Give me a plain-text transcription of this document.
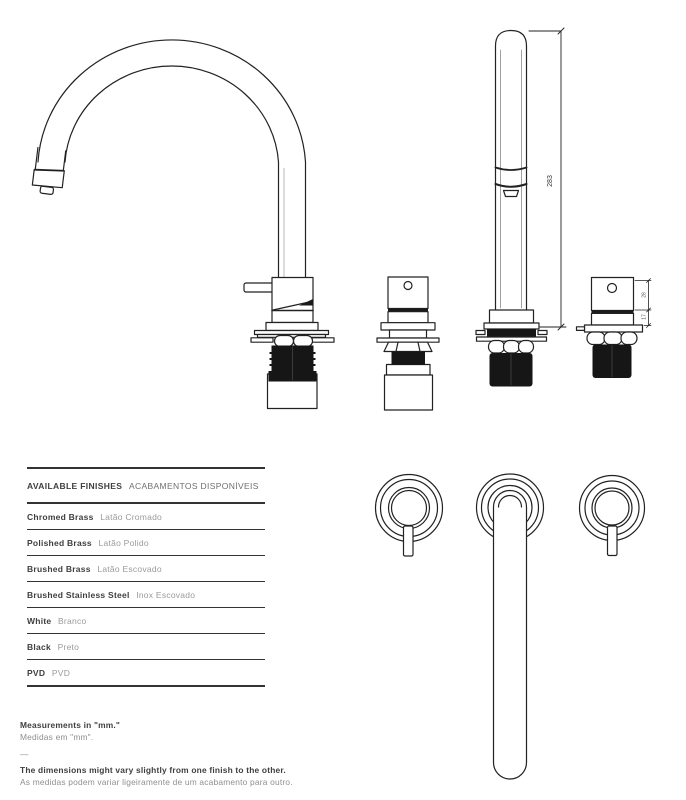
283
28
17
AVAILABLE FINISHES ACABAMENTOS DISPONÍVEIS
Chromed Brass Latão Cromado
Polished Brass Latão Polido
Brushed Brass Latão Escovado
Brushed Stainless Steel Inox Escovado
White Branco
Black Preto
PVD PVD
Measurements in "mm."
Medidas em "mm".
—
The dimensions might vary slightly from one finish to the other.
As medidas podem variar ligeiramente de um acabamento para outro.
